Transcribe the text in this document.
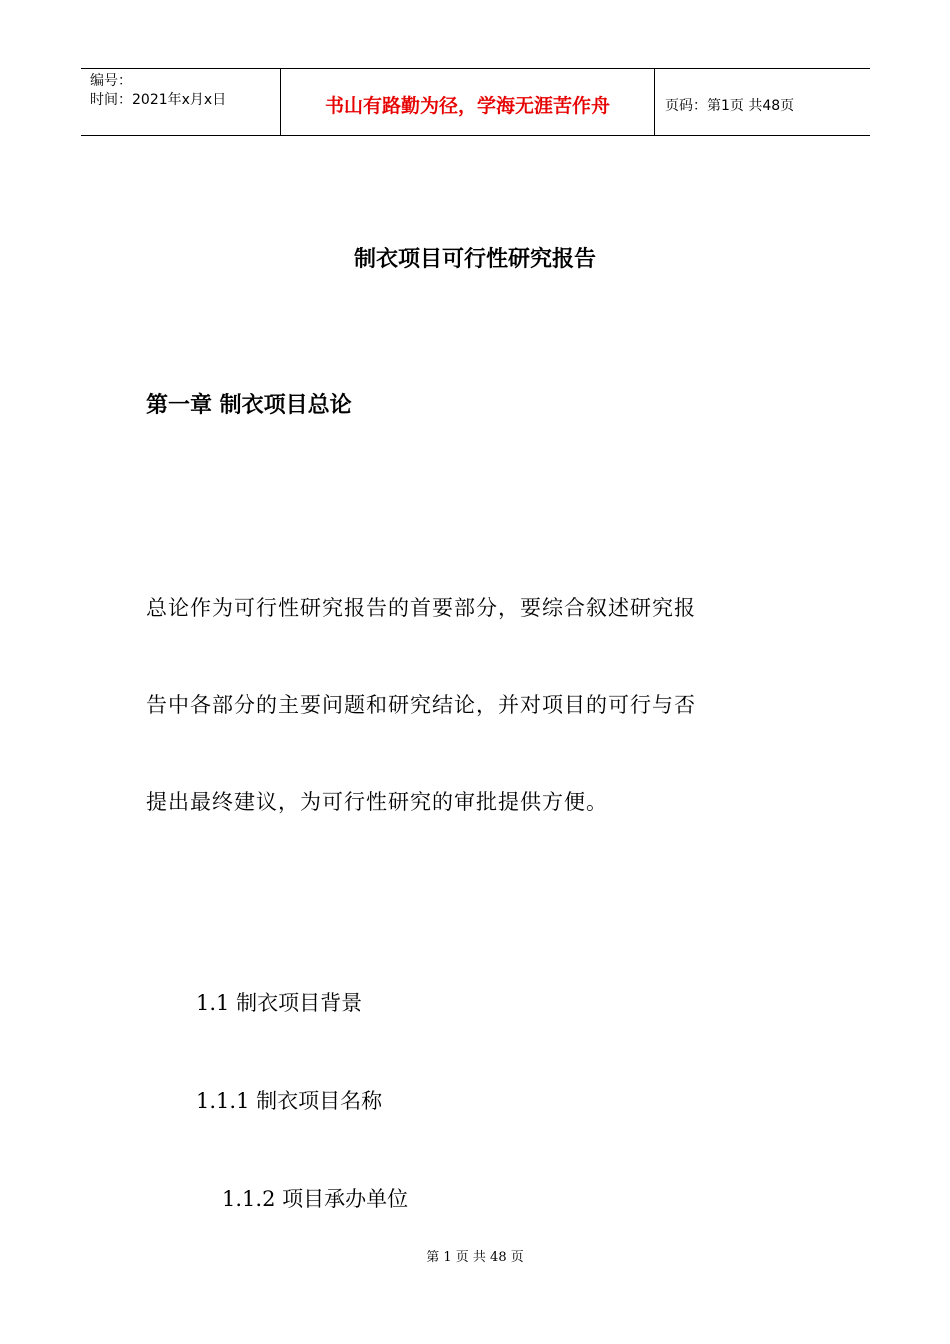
编号：
时间：2021年x月x日	书山有路勤为径，学海无涯苦作舟	页码：第1页 共48页
制衣项目可行性研究报告
第一章 制衣项目总论
总论作为可行性研究报告的首要部分，要综合叙述研究报
告中各部分的主要问题和研究结论，并对项目的可行与否
提出最终建议，为可行性研究的审批提供方便。
1.1 制衣项目背景
1.1.1 制衣项目名称
1.1.2 项目承办单位
第 1 页 共 48 页
